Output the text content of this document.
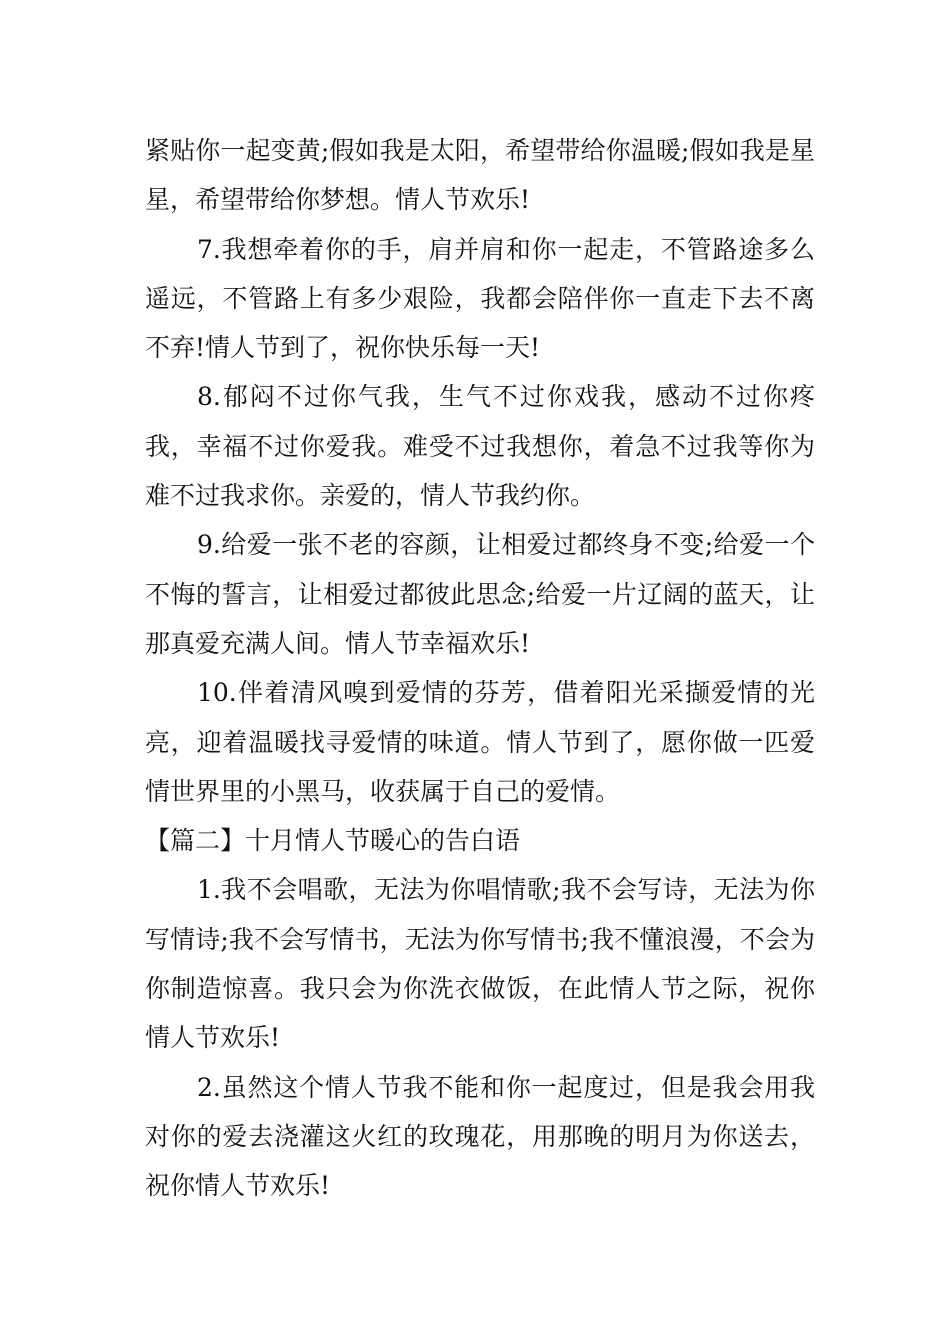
紧贴你一起变黄;假如我是太阳，希望带给你温暖;假如我是星星，希望带给你梦想。情人节欢乐!

7.我想牵着你的手，肩并肩和你一起走，不管路途多么遥远，不管路上有多少艰险，我都会陪伴你一直走下去不离不弃!情人节到了，祝你快乐每一天!

8.郁闷不过你气我，生气不过你戏我，感动不过你疼我，幸福不过你爱我。难受不过我想你，着急不过我等你为难不过我求你。亲爱的，情人节我约你。

9.给爱一张不老的容颜，让相爱过都终身不变;给爱一个不悔的誓言，让相爱过都彼此思念;给爱一片辽阔的蓝天，让那真爱充满人间。情人节幸福欢乐!

10.伴着清风嗅到爱情的芬芳，借着阳光采撷爱情的光亮，迎着温暖找寻爱情的味道。情人节到了，愿你做一匹爱情世界里的小黑马，收获属于自己的爱情。

【篇二】十月情人节暖心的告白语

1.我不会唱歌，无法为你唱情歌;我不会写诗，无法为你写情诗;我不会写情书，无法为你写情书;我不懂浪漫，不会为你制造惊喜。我只会为你洗衣做饭，在此情人节之际，祝你情人节欢乐!

2.虽然这个情人节我不能和你一起度过，但是我会用我对你的爱去浇灌这火红的玫瑰花，用那晚的明月为你送去，祝你情人节欢乐!
